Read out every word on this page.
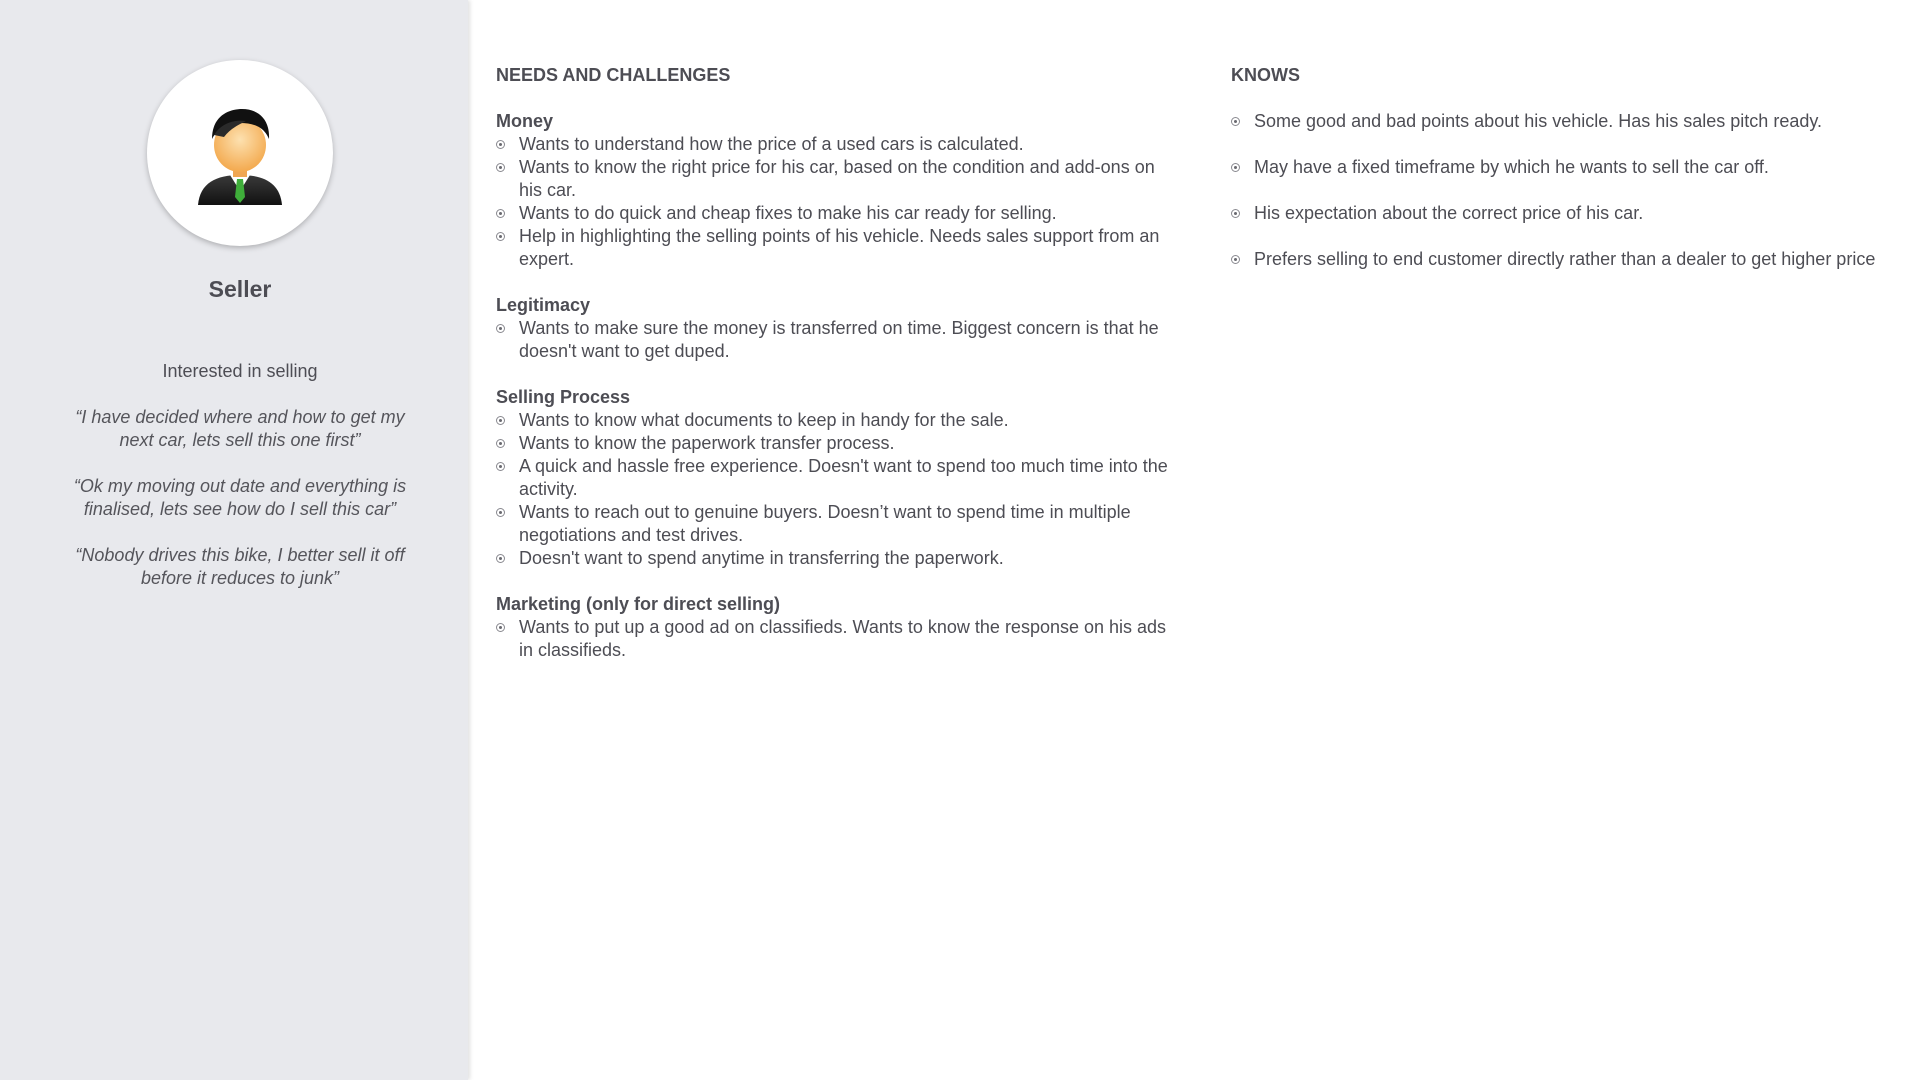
Seller

Interested in selling

“I have decided where and how to get my next car, lets sell this one first”

“Ok my moving out date and everything is finalised, lets see how do I sell this car”

“Nobody drives this bike, I better sell it off before it reduces to junk”

NEEDS AND CHALLENGES

Money

Wants to understand how the price of a used cars is calculated.
Wants to know the right price for his car, based on the condition and add-ons on his car.
Wants to do quick and cheap fixes to make his car ready for selling.
Help in highlighting the selling points of his vehicle. Needs sales support from an expert.

Legitimacy

Wants to make sure the money is transferred on time. Biggest concern is that he doesn't want to get duped.

Selling Process

Wants to know what documents to keep in handy for the sale.
Wants to know the paperwork transfer process.
A quick and hassle free experience. Doesn't want to spend too much time into the activity.
Wants to reach out to genuine buyers. Doesn’t want to spend time in multiple negotiations and test drives.
Doesn't want to spend anytime in transferring the paperwork.

Marketing (only for direct selling)

Wants to put up a good ad on classifieds. Wants to know the response on his ads in classifieds.
KNOWS
Some good and bad points about his vehicle. Has his sales pitch ready.
May have a fixed timeframe by which he wants to sell the car off.
His expectation about the correct price of his car.
Prefers selling to end customer directly rather than a dealer to get higher price
